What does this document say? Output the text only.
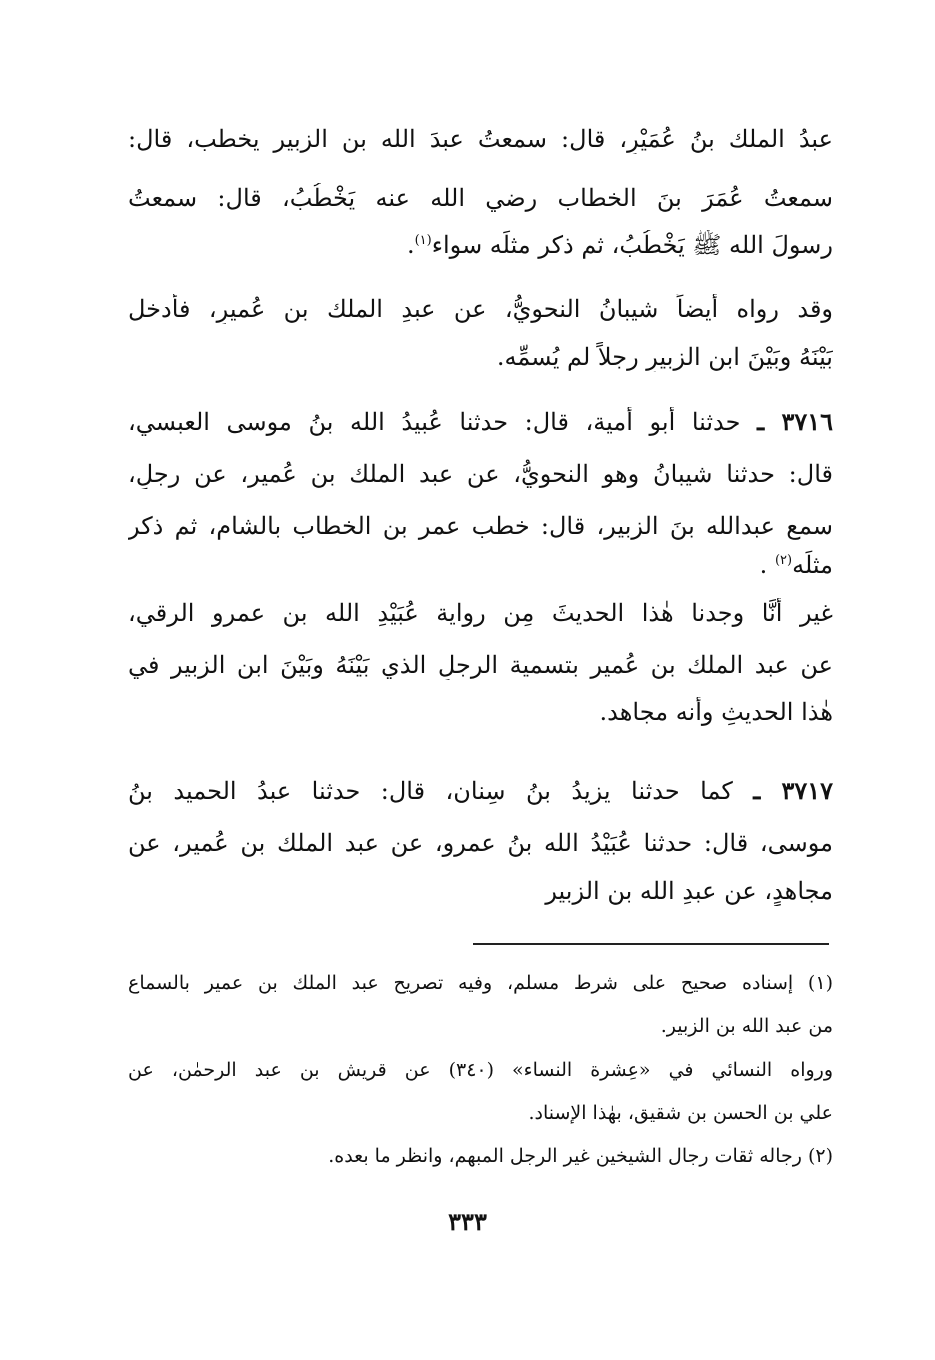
عبدُ الملك بنُ عُمَيْرٍ، قال: سمعتُ عبدَ الله بن الزبير يخطب، قال:
سمعتُ عُمَرَ بنَ الخطاب رضي الله عنه يَخْطُبُ، قال: سمعتُ
رسولَ الله ﷺ يَخْطُبُ، ثم ذكر مثلَه سواء$^{(١)}$.
وقد رواه أيضاً شيبانُ النحويُّ، عن عبدِ الملك بنِ عُميرٍ، فأدخل
بَيْنَهُ وبَيْنَ ابن الزبيرِ رجلاً لم يُسمِّه.
٣٧١٦ ـ حدثنا أبو أُمية، قال: حدثنا عُبيدُ الله بنُ موسى العبسي،
قال: حدثنا شيبانُ وهو النحويُّ، عن عبد الملك بنِ عُمير، عن رجلٍ،
سمع عبدالله بنَ الزبير، قال: خطب عمر بن الخطاب بالشام، ثم ذكر
مثلَه$^{(٢)}$ .
غير أنَّا وجدنا هٰذا الحديثَ مِن رواية عُبَيْدِ الله بن عمرو الرقي،
عن عبد الملك بن عُمير بتسمية الرجلِ الذي بَيْنَهُ وبَيْنَ ابنِ الزبير في
هٰذا الحديثِ وأنه مجاهد.
٣٧١٧ ـ كما حدثنا يزيدُ بنُ سِنان، قال: حدثنا عبدُ الحميد بنُ
موسى، قال: حدثنا عُبَيْدُ الله بنُ عمرو، عن عبد الملك بنِ عُمير، عن
مجاهدٍ، عن عبدِ الله بنِ الزبير
(١) إسناده صحيح على شرط مسلم، وفيه تصريح عبد الملك بن عمير بالسماع
من عبد الله بن الزبير.
ورواه النسائي في «عِشرة النساء» (٣٤٠) عن قريش بن عبد الرحمٰن، عن
علي بن الحسن بن شقيق، بهٰذا الإسناد.
(٢) رجاله ثقات رجال الشيخين غير الرجل المبهم، وانظر ما بعده.
٣٣٣
